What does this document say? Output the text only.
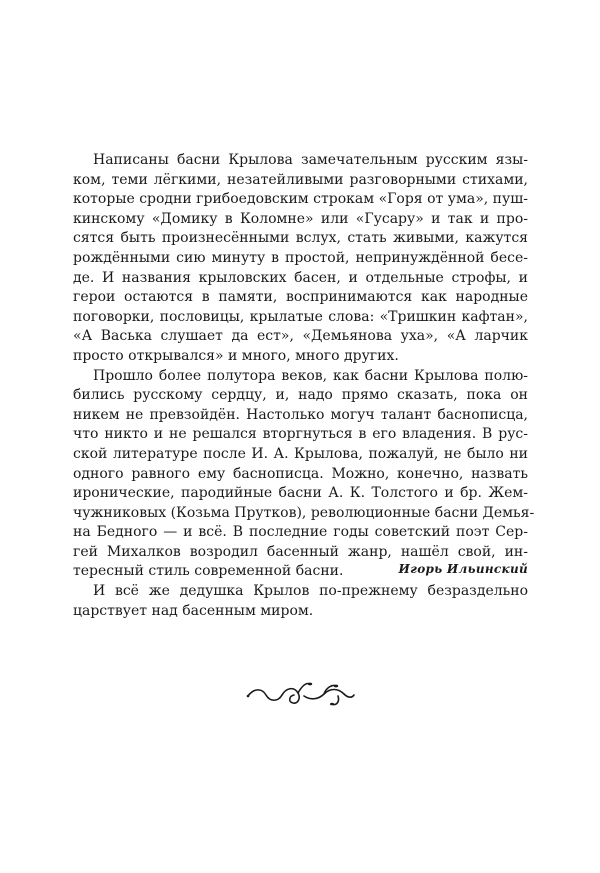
Написаны басни Крылова замечательным русским язы-
ком, теми лёгкими, незатейливыми разговорными стихами,
которые сродни грибоедовским строкам «Горя от ума», пуш-
кинскому «Домику в Коломне» или «Гусару» и так и про-
сятся быть произнесёнными вслух, стать живыми, кажутся
рождёнными сию минуту в простой, непринуждённой бесе-
де. И названия крыловских басен, и отдельные строфы, и
герои остаются в памяти, воспринимаются как народные
поговорки, пословицы, крылатые слова: «Тришкин кафтан»,
«А Васька слушает да ест», «Демьянова уха», «А ларчик
просто открывался» и много, много других.
Прошло более полутора веков, как басни Крылова полю-
бились русскому сердцу, и, надо прямо сказать, пока он
никем не превзойдён. Настолько могуч талант баснописца,
что никто и не решался вторгнуться в его владения. В рус-
ской литературе после И. А. Крылова, пожалуй, не было ни
одного равного ему баснописца. Можно, конечно, назвать
иронические, пародийные басни А. К. Толстого и бр. Жем-
чужниковых (Козьма Прутков), революционные басни Демья-
на Бедного — и всё. В последние годы советский поэт Сер-
гей Михалков возродил басенный жанр, нашёл свой, ин-
тересный стиль современной басни.
И всё же дедушка Крылов по-прежнему безраздельно
царствует над басенным миром.
Игорь Ильинский
